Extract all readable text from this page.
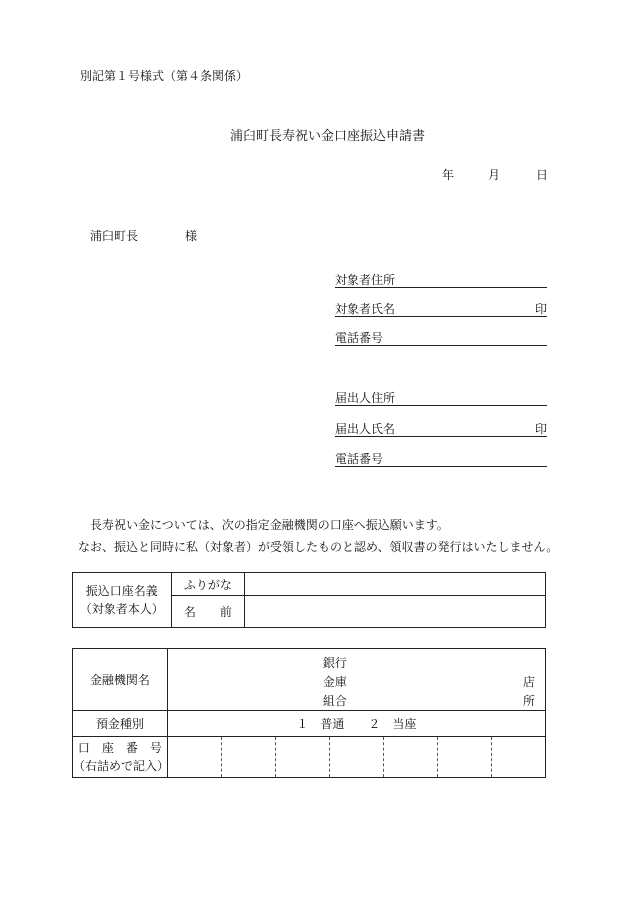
別記第１号様式（第４条関係）
浦臼町長寿祝い金口座振込申請書
年	月	日
浦臼町長	様
対象者住所
対象者氏名	印
電話番号
届出人住所
届出人氏名	印
電話番号
長寿祝い金については、次の指定金融機関の口座へ振込願います。
なお、振込と同時に私（対象者）が受領したものと認め、領収書の発行はいたしません。
振込口座名義
（対象者本人）	ふりがな	
	名　　前	
金融機関名	銀行
金庫
組合
店
所

預金種別	１　普通　　２　当座

口　座　番　号
（右詰めで記入）	
